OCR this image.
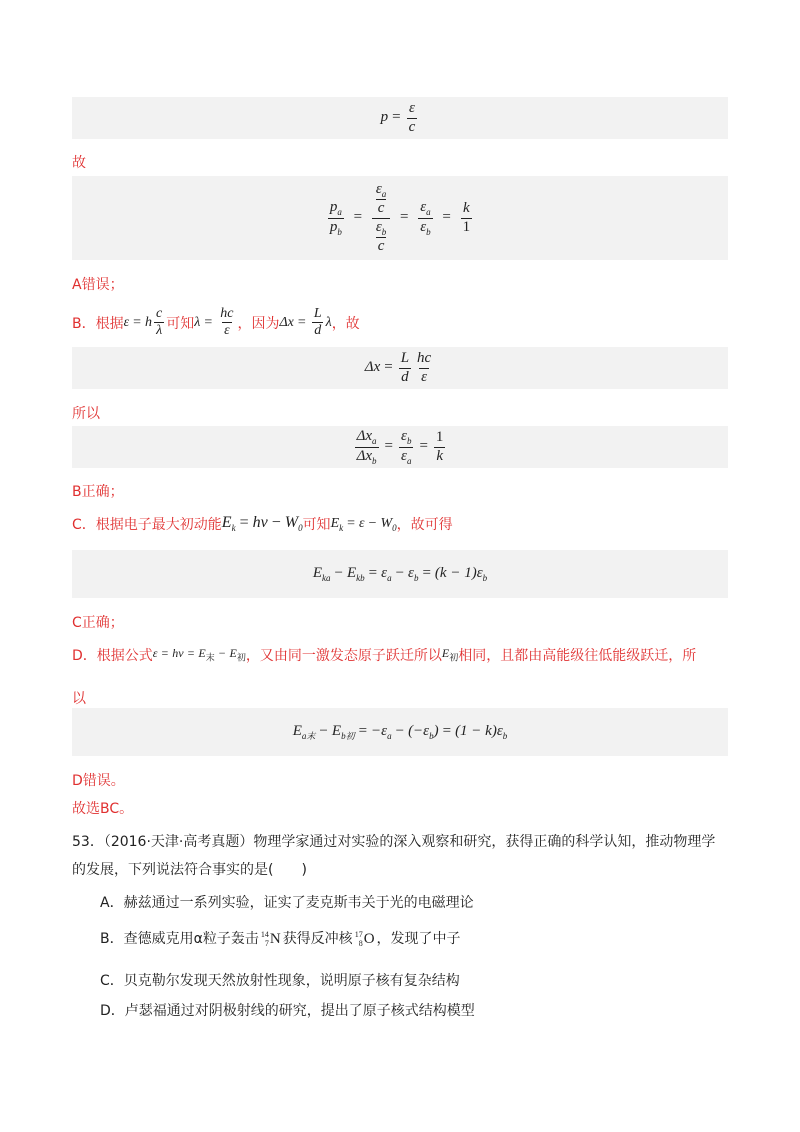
$p = \frac{\varepsilon}{c}$
故
$\frac{p_a}{p_b} = \frac{\frac{\varepsilon_a}{c}}{\frac{\varepsilon_b}{c}} = \frac{\varepsilon_a}{\varepsilon_b} = \frac{k}{1}$
A错误；
B．根据 ε = h $\frac{c}{\lambda}$ 可知 $\lambda = \frac{hc}{\varepsilon}$ ，因为 $\Delta x = \frac{L}{d}$ λ ，故
$\Delta x = \frac{L}{d} \frac{hc}{\varepsilon}$
所以
$\frac{\Delta x_a}{\Delta x_b} = \frac{\varepsilon_b}{\varepsilon_a} = \frac{1}{k}$
B正确；
C．根据电子最大初动能 $E_k = h\nu - W_0$ 可知 $E_k = \varepsilon - W_0$ ，故可得
$E_{ka} - E_{kb} = \varepsilon_a - \varepsilon_b = (k - 1)\varepsilon_b$
C正确；
D．根据公式 $\varepsilon = h\nu = E_末 - E_初$ ，又由同一激发态原子跃迁所以 $E_初$ 相同，且都由高能级往低能级跃迁，所
以
$E_{a末} - E_{b初} = -\varepsilon_a - (-\varepsilon_b) = (1 - k)\varepsilon_b$
D错误。
故选BC。
53．（2016·天津·高考真题）物理学家通过对实验的深入观察和研究，获得正确的科学认知，推动物理学
的发展，下列说法符合事实的是(　　)
A．赫兹通过一系列实验，证实了麦克斯韦关于光的电磁理论
B．查德威克用α粒子轰击 14
7 N 获得反冲核 17
8 O ，发现了中子
C．贝克勒尔发现天然放射性现象，说明原子核有复杂结构
D．卢瑟福通过对阴极射线的研究，提出了原子核式结构模型
